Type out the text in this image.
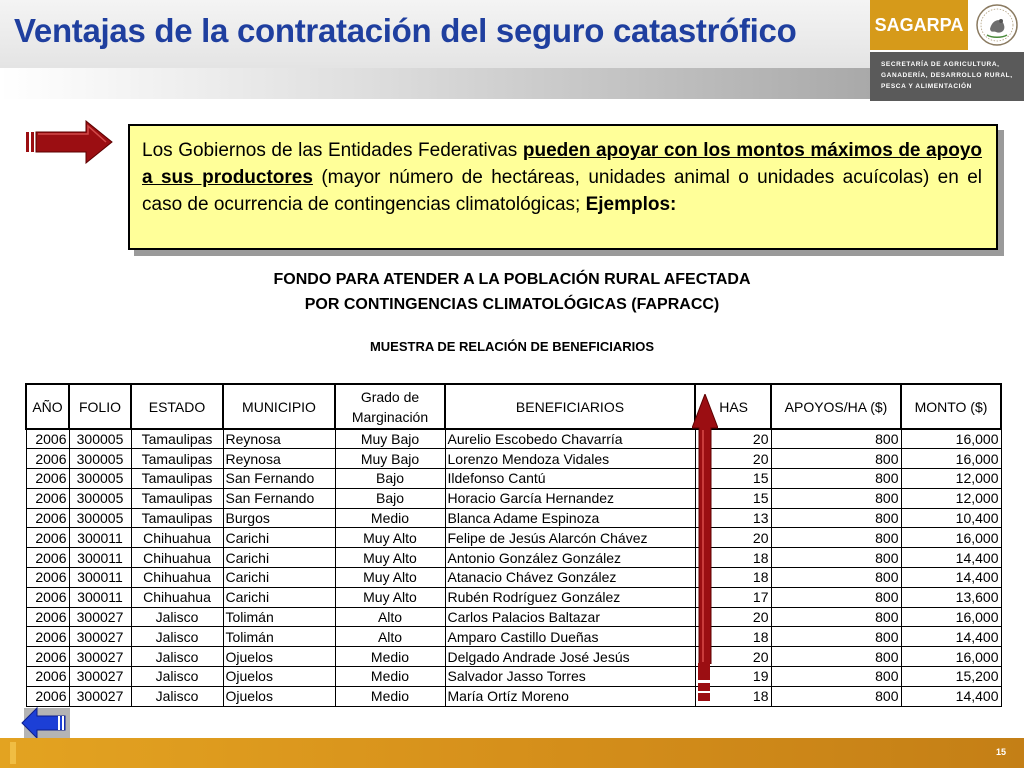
Ventajas de la contratación del seguro catastrófico	SAGARPA
SECRETARÍA DE AGRICULTURA,
GANADERÍA, DESARROLLO RURAL,
PESCA Y ALIMENTACIÓN

Los Gobiernos de las Entidades Federativas pueden apoyar con los montos máximos de apoyo a sus productores (mayor número de hectáreas, unidades animal o unidades acuícolas) en el caso de ocurrencia de contingencias climatológicas; Ejemplos:

FONDO PARA ATENDER A LA POBLACIÓN RURAL AFECTADA
POR CONTINGENCIAS CLIMATOLÓGICAS (FAPRACC)
MUESTRA DE RELACIÓN DE BENEFICIARIOS
AÑO	FOLIO	ESTADO	MUNICIPIO	Grado de Marginación	BENEFICIARIOS	HAS	APOYOS/HA ($)	MONTO ($)
2006	300005	Tamaulipas	Reynosa	Muy Bajo	Aurelio Escobedo Chavarría	20	800	16,000
2006	300005	Tamaulipas	Reynosa	Muy Bajo	Lorenzo Mendoza Vidales	20	800	16,000
2006	300005	Tamaulipas	San Fernando	Bajo	Ildefonso Cantú	15	800	12,000
2006	300005	Tamaulipas	San Fernando	Bajo	Horacio García Hernandez	15	800	12,000
2006	300005	Tamaulipas	Burgos	Medio	Blanca Adame Espinoza	13	800	10,400
2006	300011	Chihuahua	Carichi	Muy Alto	Felipe de Jesús Alarcón Chávez	20	800	16,000
2006	300011	Chihuahua	Carichi	Muy Alto	Antonio González González	18	800	14,400
2006	300011	Chihuahua	Carichi	Muy Alto	Atanacio Chávez González	18	800	14,400
2006	300011	Chihuahua	Carichi	Muy Alto	Rubén Rodríguez González	17	800	13,600
2006	300027	Jalisco	Tolimán	Alto	Carlos Palacios Baltazar	20	800	16,000
2006	300027	Jalisco	Tolimán	Alto	Amparo Castillo Dueñas	18	800	14,400
2006	300027	Jalisco	Ojuelos	Medio	Delgado Andrade José Jesús	20	800	16,000
2006	300027	Jalisco	Ojuelos	Medio	Salvador Jasso Torres	19	800	15,200
2006	300027	Jalisco	Ojuelos	Medio	María Ortíz Moreno	18	800	14,400
15
